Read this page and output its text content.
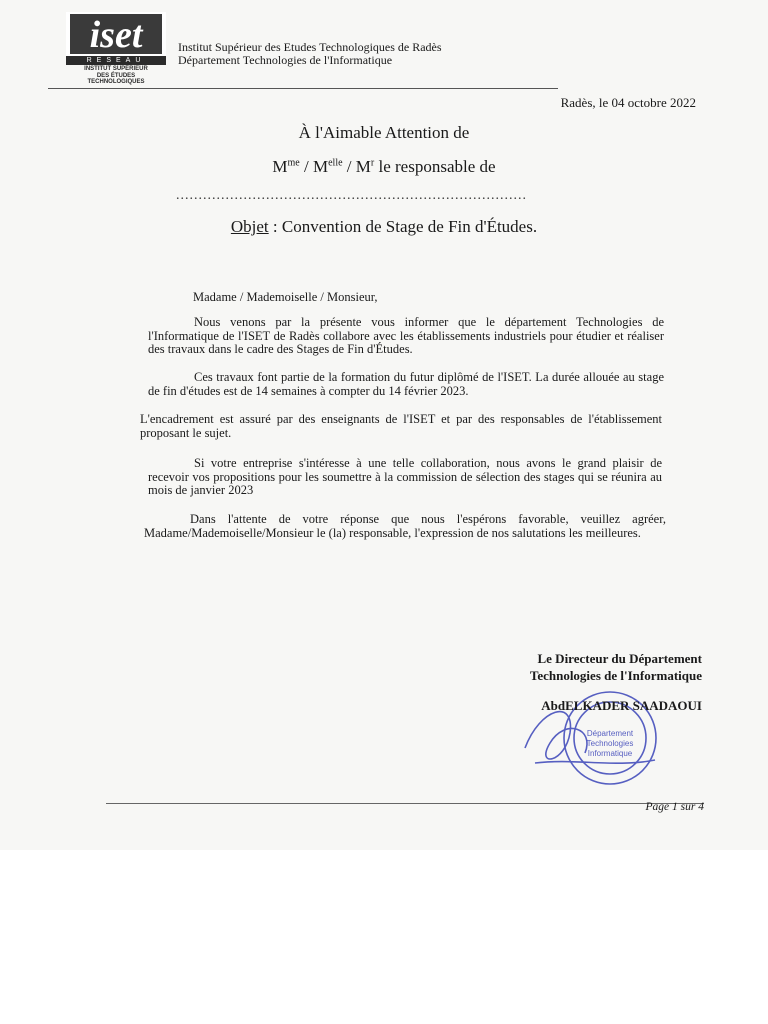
iset
RESEAU
INSTITUT SUPÉRIEUR
DES ÉTUDES
TECHNOLOGIQUES
Institut Supérieur des Etudes Technologiques de Radès
Département Technologies de l'Informatique
Radès, le 04 octobre 2022
À l'Aimable Attention de
$M^{me} / M^{elle} / M^r$ le responsable de
..............................................................................
Objet : Convention de Stage de Fin d'Études.
Madame / Mademoiselle / Monsieur,
Nous venons par la présente vous informer que le département Technologies de l'Informatique de l'ISET de Radès collabore avec les établissements industriels pour étudier et réaliser des travaux dans le cadre des Stages de Fin d'Études.
Ces travaux font partie de la formation du futur diplômé de l'ISET. La durée allouée au stage de fin d'études est de 14 semaines à compter du 14 février 2023.
L'encadrement est assuré par des enseignants de l'ISET et par des responsables de l'établissement proposant le sujet.
Si votre entreprise s'intéresse à une telle collaboration, nous avons le grand plaisir de recevoir vos propositions pour les soumettre à la commission de sélection des stages qui se réunira au mois de janvier 2023
Dans l'attente de votre réponse que nous l'espérons favorable, veuillez agréer, Madame/Mademoiselle/Monsieur le (la) responsable, l'expression de nos salutations les meilleures.
Département
Technologies
Informatique
Le Directeur du Département
Technologies de l'Informatique
AbdELKADER SAADAOUI
Page 1 sur 4
